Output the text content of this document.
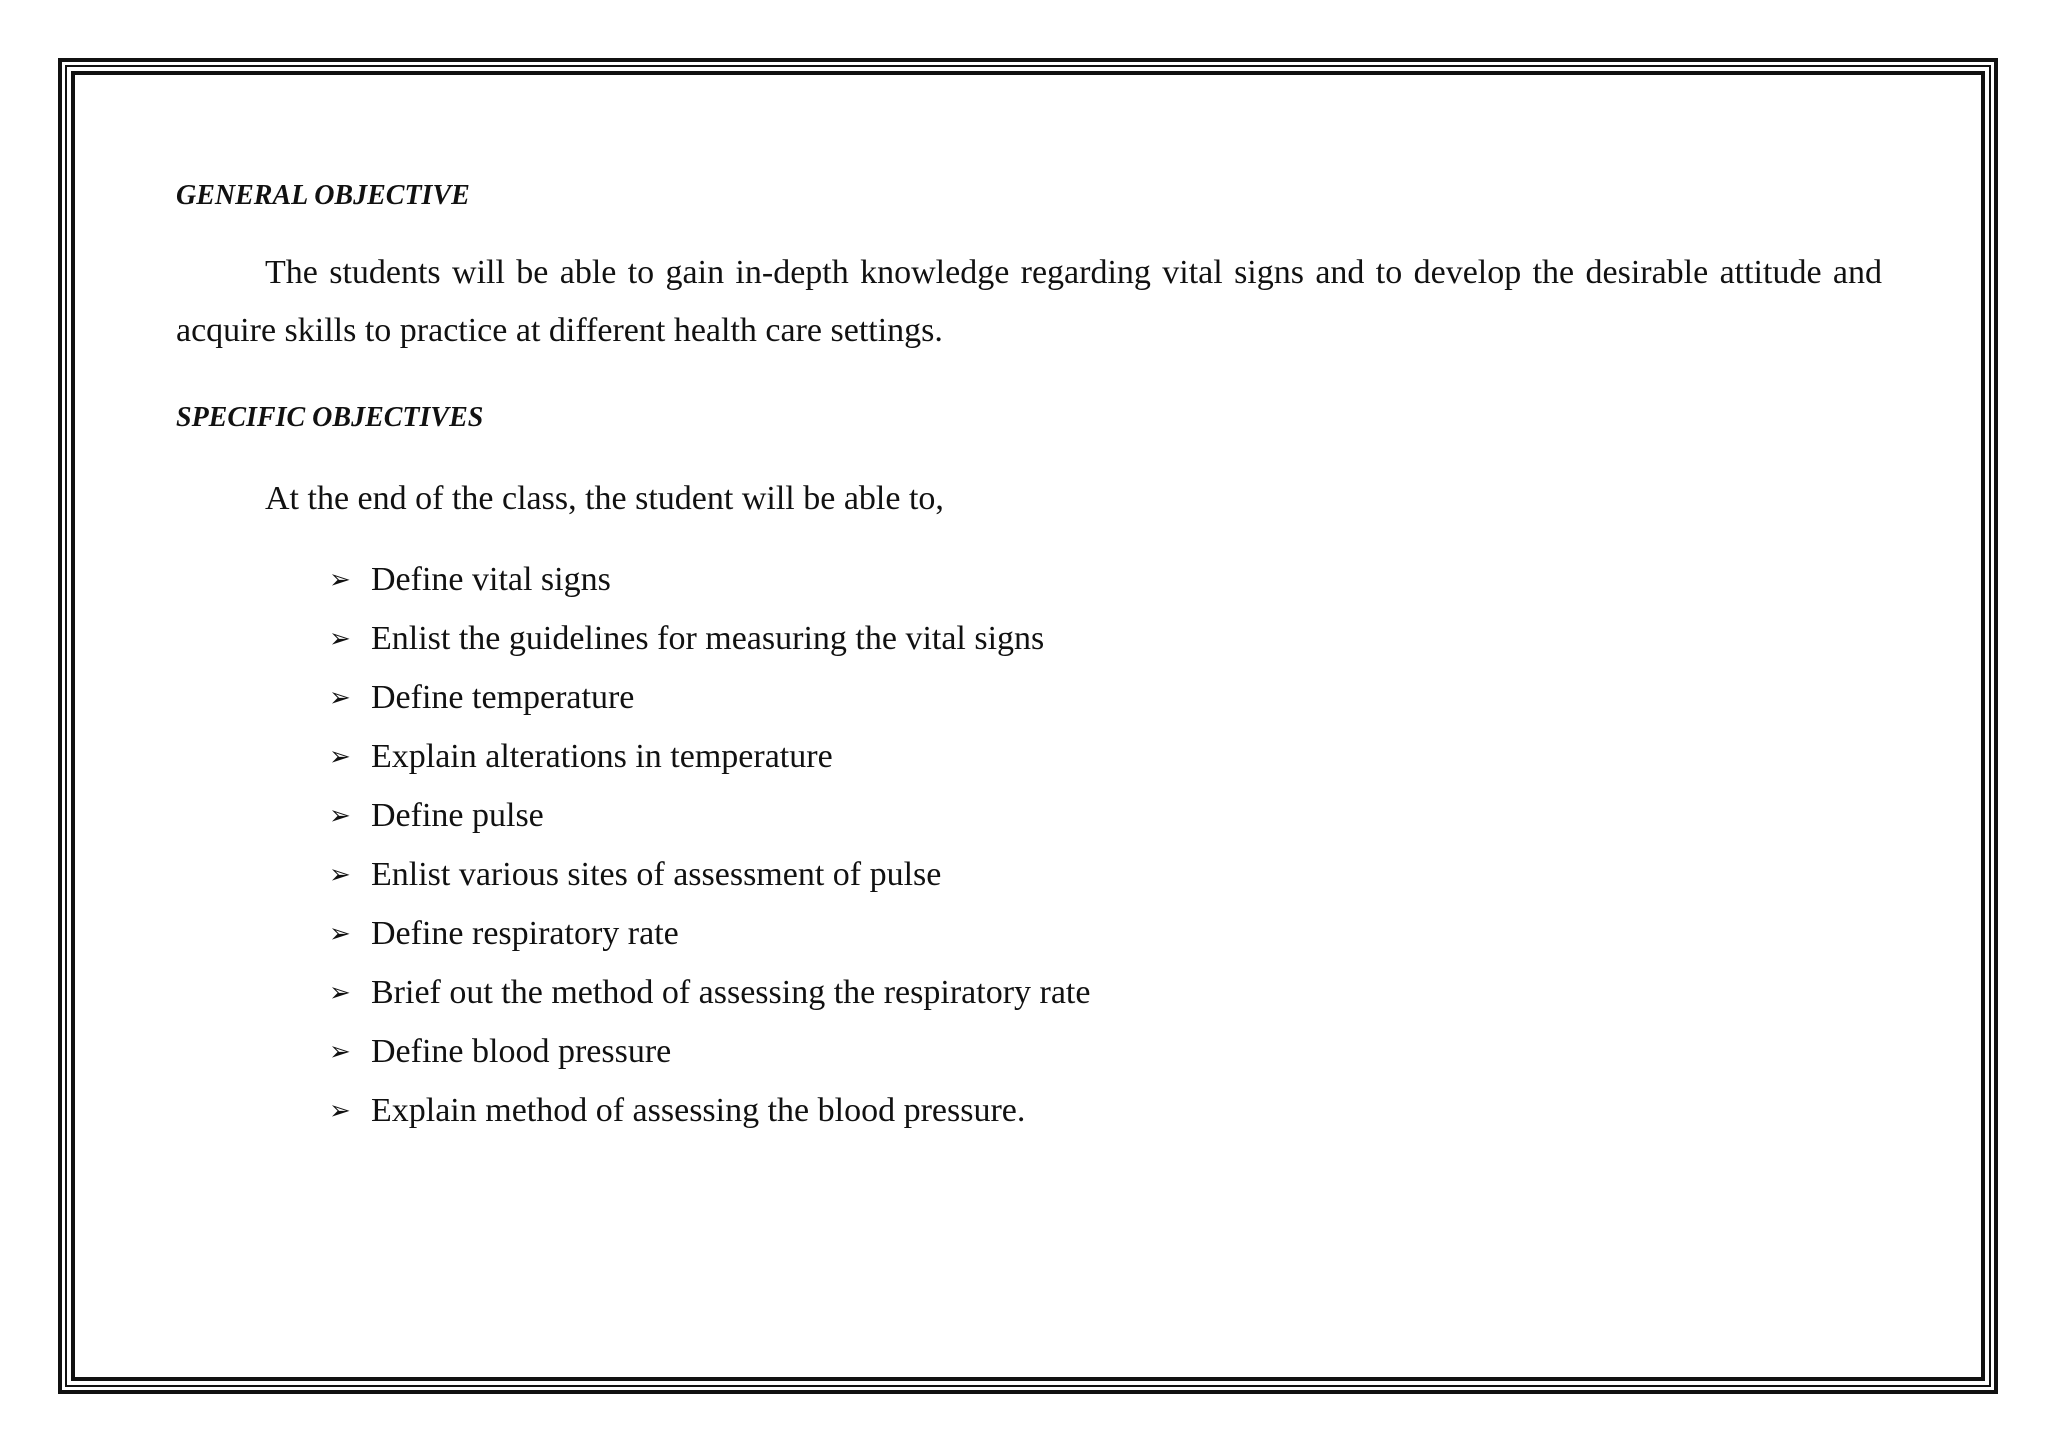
GENERAL OBJECTIVE

The students will be able to gain in-depth knowledge regarding vital signs and to develop the desirable attitude and acquire skills to practice at different health care settings.

SPECIFIC OBJECTIVES

At the end of the class, the student will be able to,

➢ Define vital signs
➢ Enlist the guidelines for measuring the vital signs
➢ Define temperature
➢ Explain alterations in temperature
➢ Define pulse
➢ Enlist various sites of assessment of pulse
➢ Define respiratory rate
➢ Brief out the method of assessing the respiratory rate
➢ Define blood pressure
➢ Explain method of assessing the blood pressure.
